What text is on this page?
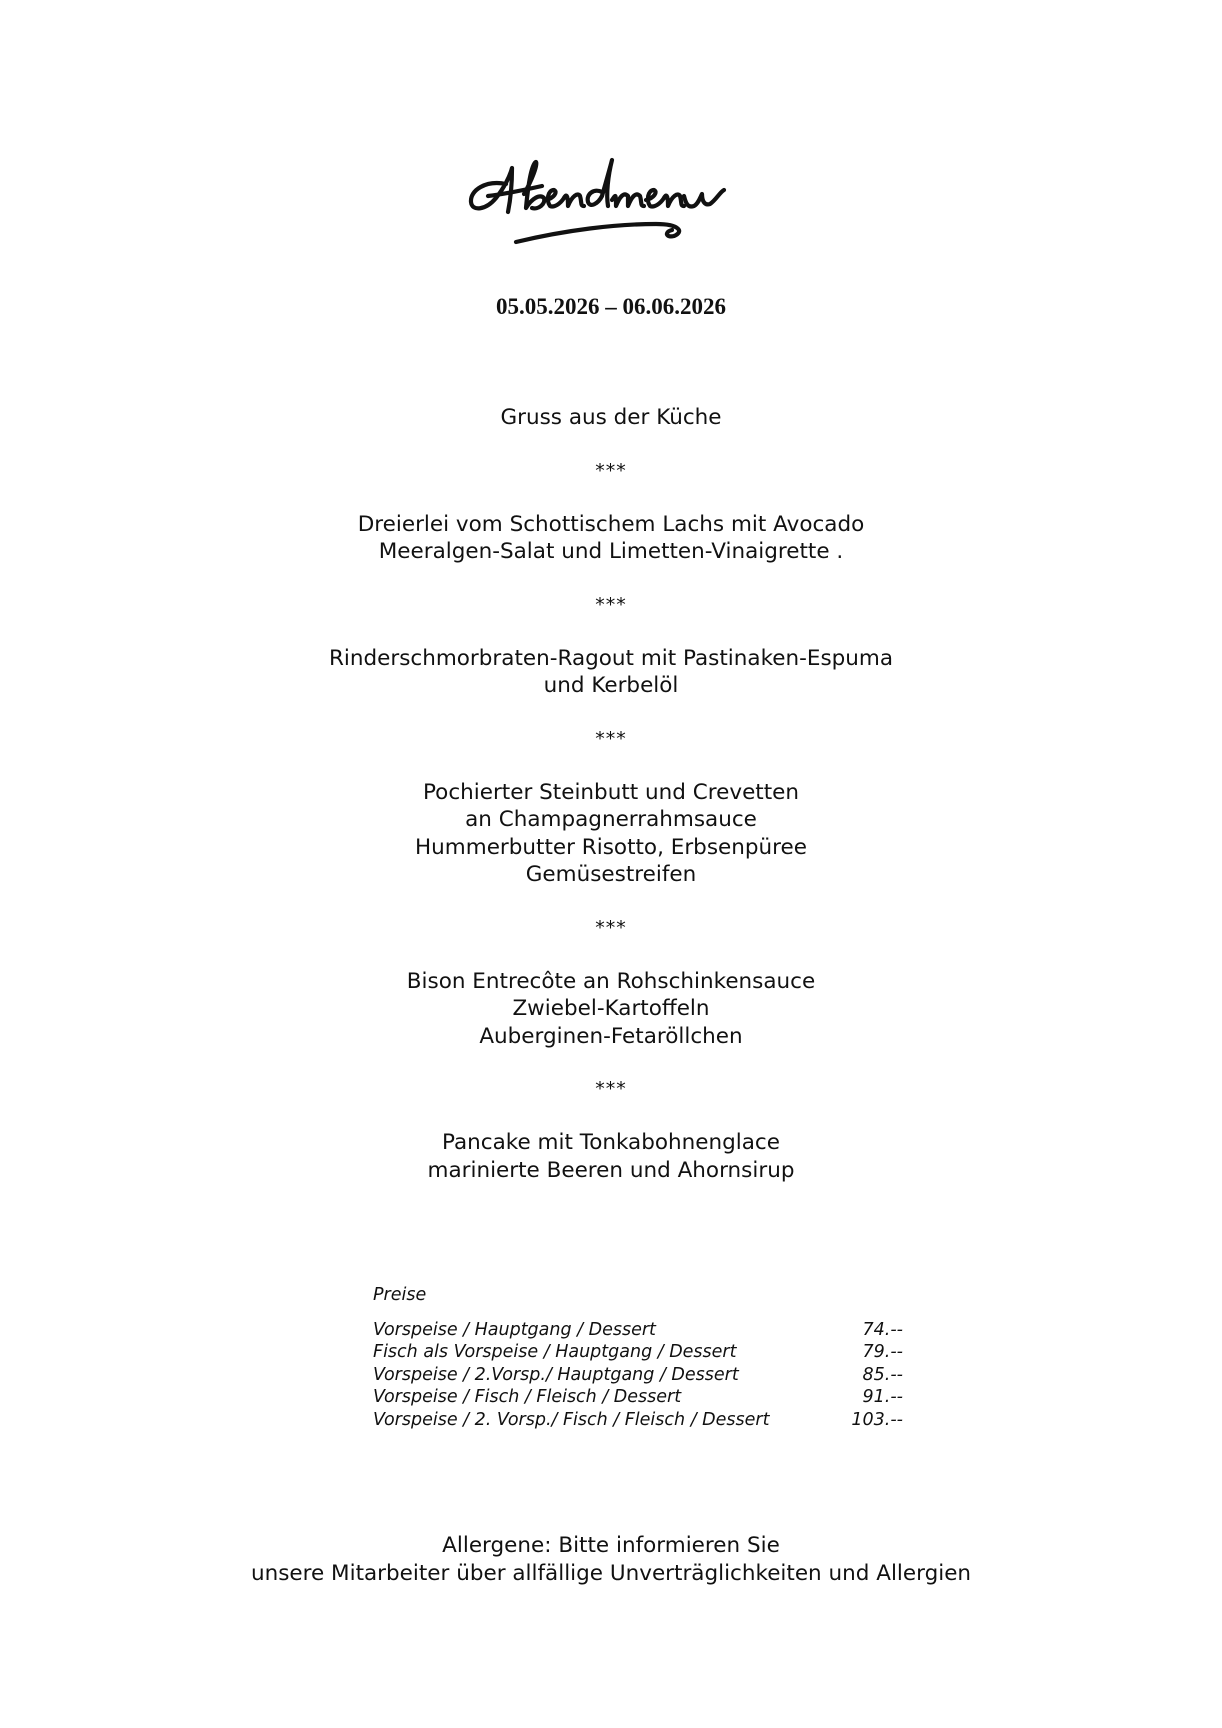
05.05.2026 – 06.06.2026
Gruss aus der Küche
***
Dreierlei vom Schottischem Lachs mit Avocado
Meeralgen-Salat und Limetten-Vinaigrette .
***
Rinderschmorbraten-Ragout mit Pastinaken-Espuma
und Kerbelöl
***
Pochierter Steinbutt und Crevetten
an Champagnerrahmsauce
Hummerbutter Risotto, Erbsenpüree
Gemüsestreifen
***
Bison Entrecôte an Rohschinkensauce
Zwiebel-Kartoffeln
Auberginen-Fetaröllchen
***
Pancake mit Tonkabohnenglace
marinierte Beeren und Ahornsirup
Preise
Vorspeise / Hauptgang / Dessert	74.--
Fisch als Vorspeise / Hauptgang / Dessert	79.--
Vorspeise / 2.Vorsp./ Hauptgang / Dessert	85.--
Vorspeise / Fisch / Fleisch / Dessert	91.--
Vorspeise / 2. Vorsp./ Fisch / Fleisch / Dessert	103.--
Allergene: Bitte informieren Sie
unsere Mitarbeiter über allfällige Unverträglichkeiten und Allergien
